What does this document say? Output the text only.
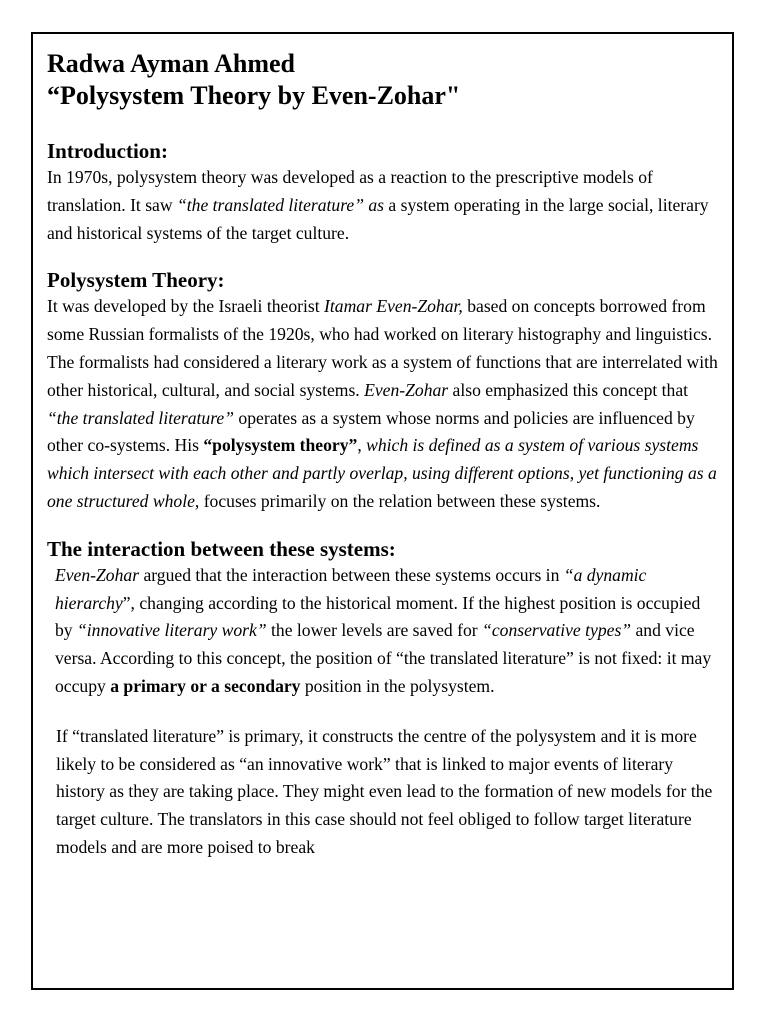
Radwa Ayman Ahmed
“Polysystem Theory by Even-Zohar"
Introduction:

In 1970s, polysystem theory was developed as a reaction to the prescriptive models of translation. It saw “the translated literature” as a system operating in the large social, literary and historical systems of the target culture.

Polysystem Theory:

It was developed by the Israeli theorist Itamar Even-Zohar, based on concepts borrowed from some Russian formalists of the 1920s, who had worked on literary histography and linguistics. The formalists had considered a literary work as a system of functions that are interrelated with other historical, cultural, and social systems. Even-Zohar also emphasized this concept that “the translated literature” operates as a system whose norms and policies are influenced by other co-systems. His “polysystem theory”, which is defined as a system of various systems which intersect with each other and partly overlap, using different options, yet functioning as a one structured whole, focuses primarily on the relation between these systems.

The interaction between these systems:

Even-Zohar argued that the interaction between these systems occurs in “a dynamic hierarchy”, changing according to the historical moment. If the highest position is occupied by “innovative literary work” the lower levels are saved for “conservative types” and vice versa. According to this concept, the position of “the translated literature” is not fixed: it may occupy a primary or a secondary position in the polysystem.

If “translated literature” is primary, it constructs the centre of the polysystem and it is more likely to be considered as “an innovative work” that is linked to major events of literary history as they are taking place. They might even lead to the formation of new models for the target culture. The translators in this case should not feel obliged to follow target literature models and are more poised to break
